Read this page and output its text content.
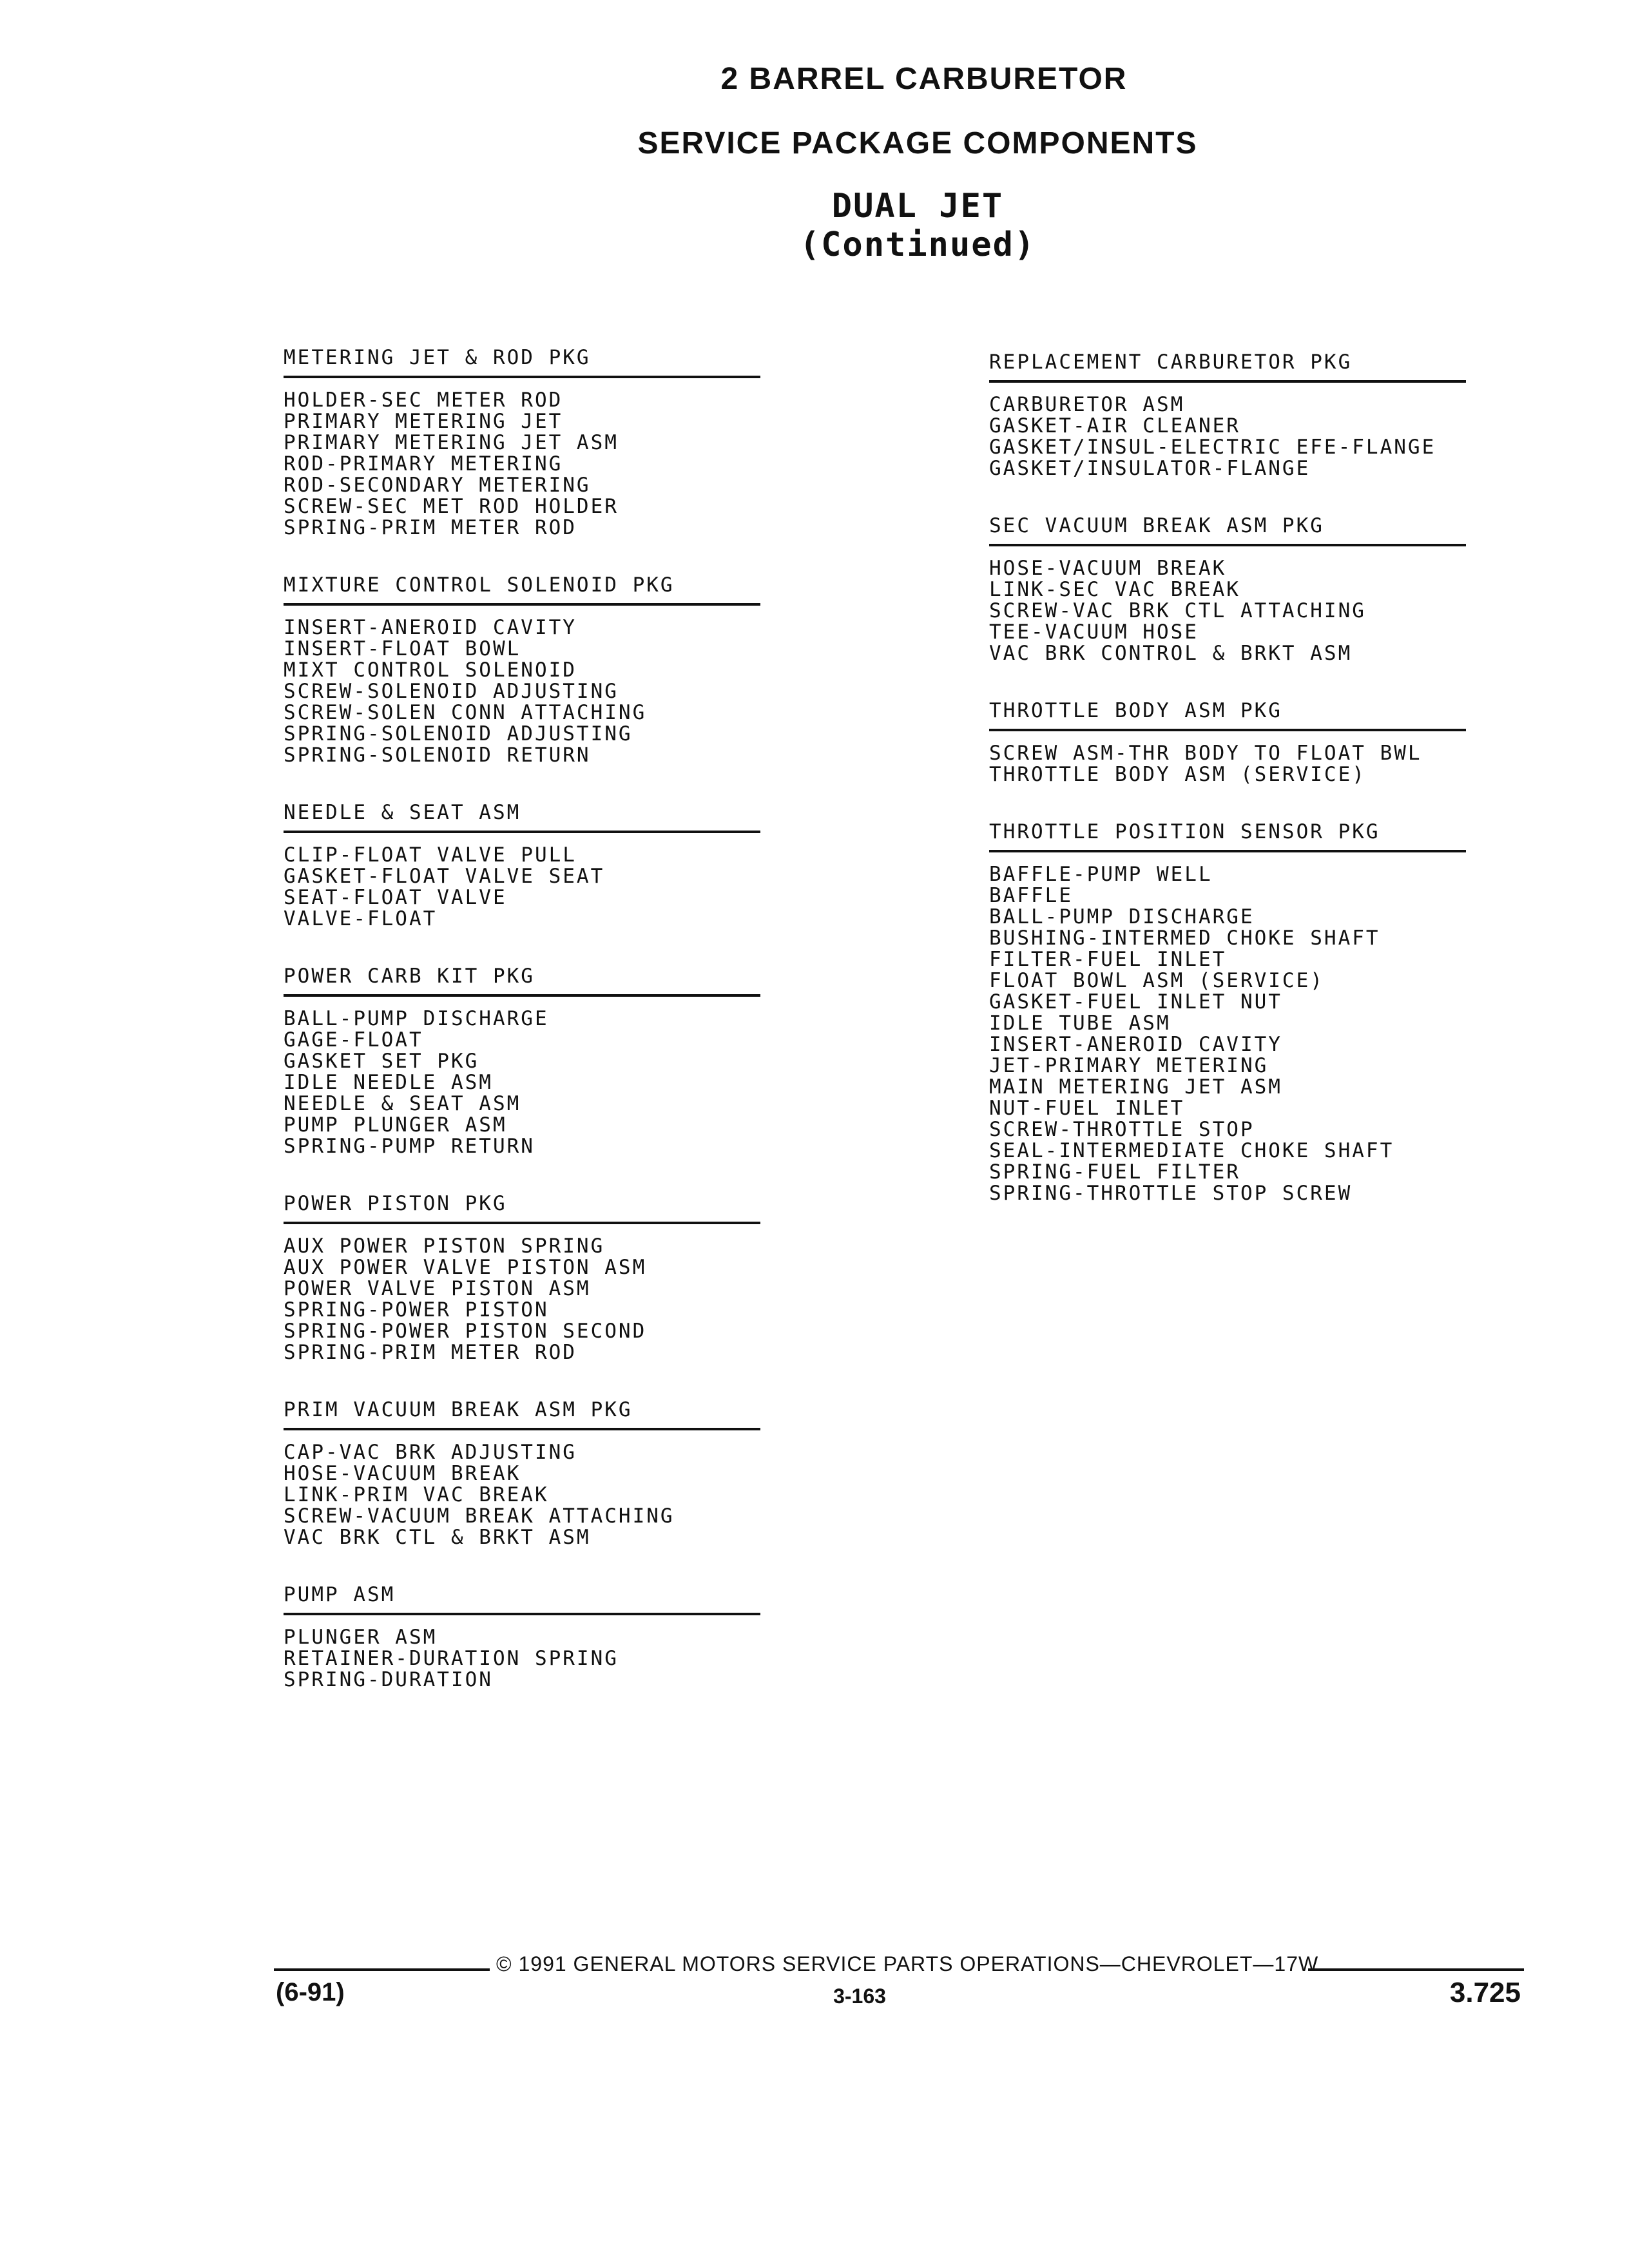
2 BARREL CARBURETOR
SERVICE PACKAGE COMPONENTS
DUAL JET
(Continued)
METERING JET & ROD PKG
HOLDER-SEC METER ROD
PRIMARY METERING JET
PRIMARY METERING JET ASM
ROD-PRIMARY METERING
ROD-SECONDARY METERING
SCREW-SEC MET ROD HOLDER
SPRING-PRIM METER ROD
MIXTURE CONTROL SOLENOID PKG
INSERT-ANEROID CAVITY
INSERT-FLOAT BOWL
MIXT CONTROL SOLENOID
SCREW-SOLENOID ADJUSTING
SCREW-SOLEN CONN ATTACHING
SPRING-SOLENOID ADJUSTING
SPRING-SOLENOID RETURN
NEEDLE & SEAT ASM
CLIP-FLOAT VALVE PULL
GASKET-FLOAT VALVE SEAT
SEAT-FLOAT VALVE
VALVE-FLOAT
POWER CARB KIT PKG
BALL-PUMP DISCHARGE
GAGE-FLOAT
GASKET SET PKG
IDLE NEEDLE ASM
NEEDLE & SEAT ASM
PUMP PLUNGER ASM
SPRING-PUMP RETURN
POWER PISTON PKG
AUX POWER PISTON SPRING
AUX POWER VALVE PISTON ASM
POWER VALVE PISTON ASM
SPRING-POWER PISTON
SPRING-POWER PISTON SECOND
SPRING-PRIM METER ROD
PRIM VACUUM BREAK ASM PKG
CAP-VAC BRK ADJUSTING
HOSE-VACUUM BREAK
LINK-PRIM VAC BREAK
SCREW-VACUUM BREAK ATTACHING
VAC BRK CTL & BRKT ASM
PUMP ASM
PLUNGER ASM
RETAINER-DURATION SPRING
SPRING-DURATION
REPLACEMENT CARBURETOR PKG
CARBURETOR ASM
GASKET-AIR CLEANER
GASKET/INSUL-ELECTRIC EFE-FLANGE
GASKET/INSULATOR-FLANGE
SEC VACUUM BREAK ASM PKG
HOSE-VACUUM BREAK
LINK-SEC VAC BREAK
SCREW-VAC BRK CTL ATTACHING
TEE-VACUUM HOSE
VAC BRK CONTROL & BRKT ASM
THROTTLE BODY ASM PKG
SCREW ASM-THR BODY TO FLOAT BWL
THROTTLE BODY ASM (SERVICE)
THROTTLE POSITION SENSOR PKG
BAFFLE-PUMP WELL
BAFFLE
BALL-PUMP DISCHARGE
BUSHING-INTERMED CHOKE SHAFT
FILTER-FUEL INLET
FLOAT BOWL ASM (SERVICE)
GASKET-FUEL INLET NUT
IDLE TUBE ASM
INSERT-ANEROID CAVITY
JET-PRIMARY METERING
MAIN METERING JET ASM
NUT-FUEL INLET
SCREW-THROTTLE STOP
SEAL-INTERMEDIATE CHOKE SHAFT
SPRING-FUEL FILTER
SPRING-THROTTLE STOP SCREW
© 1991 GENERAL MOTORS SERVICE PARTS OPERATIONS—CHEVROLET—17W
(6-91)	3-163	3.725
